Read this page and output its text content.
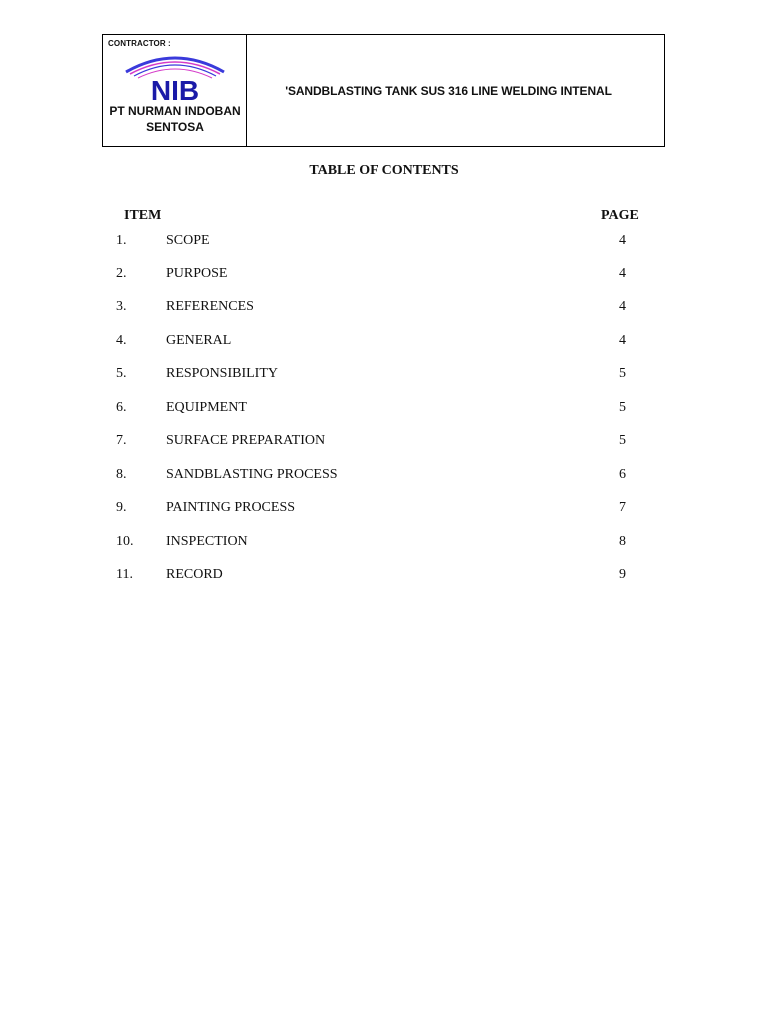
CONTRACTOR :
NIB
PT NURMAN INDOBAN
SENTOSA
'SANDBLASTING TANK SUS 316 LINE WELDING INTENAL
TABLE OF CONTENTS
ITEM	PAGE
1.	SCOPE	4
2.	PURPOSE	4
3.	REFERENCES	4
4.	GENERAL	4
5.	RESPONSIBILITY	5
6.	EQUIPMENT	5
7.	SURFACE PREPARATION	5
8.	SANDBLASTING PROCESS	6
9.	PAINTING PROCESS	7
10. INSPECTION	8
11. RECORD	9
